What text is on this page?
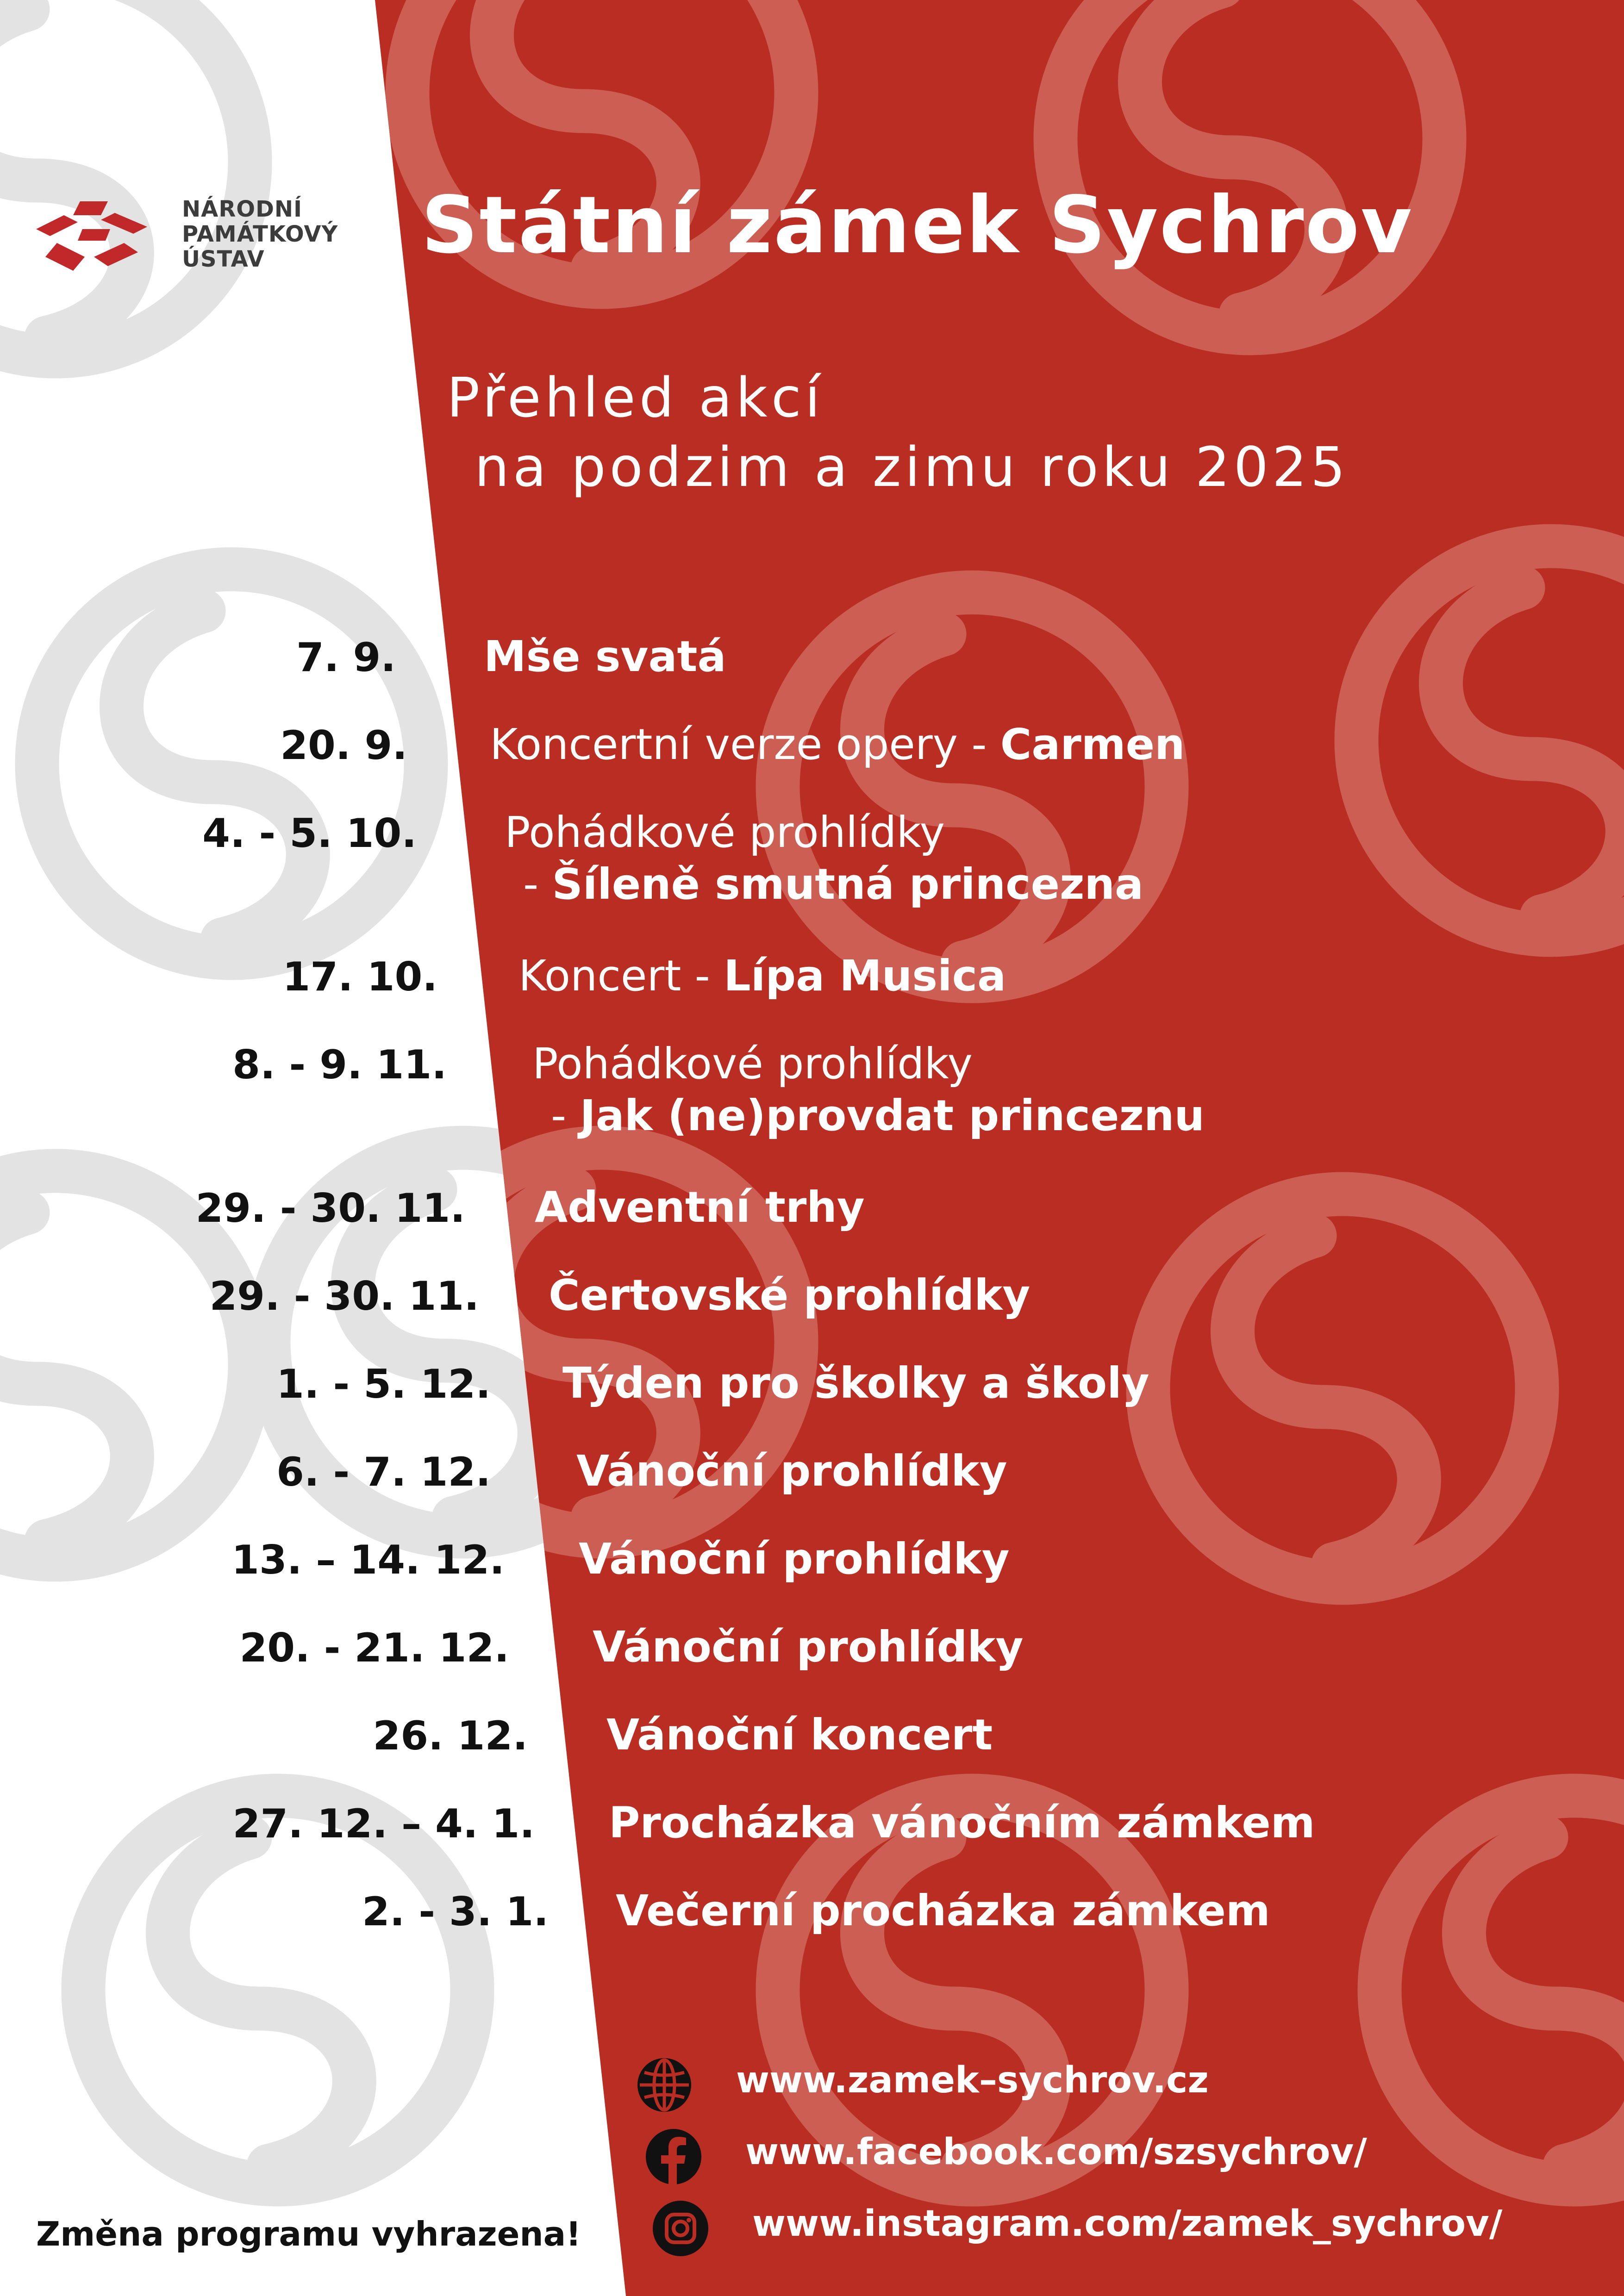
NÁRODNÍ
PAMÁTKOVÝ
ÚSTAV	Státní zámek Sychrov
Přehled akcí
na podzim a zimu roku 2025
7. 9. Mše svatá
20. 9. Koncertní verze opery - Carmen
4. - 5. 10. Pohádkové prohlídky
- Šíleně smutná princezna
17. 10. Koncert - Lípa Musica
8. - 9. 11. Pohádkové prohlídky
- Jak (ne)provdat princeznu
29. - 30. 11. Adventní trhy
29. - 30. 11. Čertovské prohlídky
1. - 5. 12. Týden pro školky a školy
6. - 7. 12. Vánoční prohlídky
13. – 14. 12. Vánoční prohlídky
20. - 21. 12. Vánoční prohlídky
26. 12. Vánoční koncert
27. 12. – 4. 1. Procházka vánočním zámkem
2. - 3. 1. Večerní procházka zámkem
www.zamek–sychrov.cz
www.facebook.com/szsychrov/
www.instagram.com/zamek_sychrov/
Změna programu vyhrazena!
